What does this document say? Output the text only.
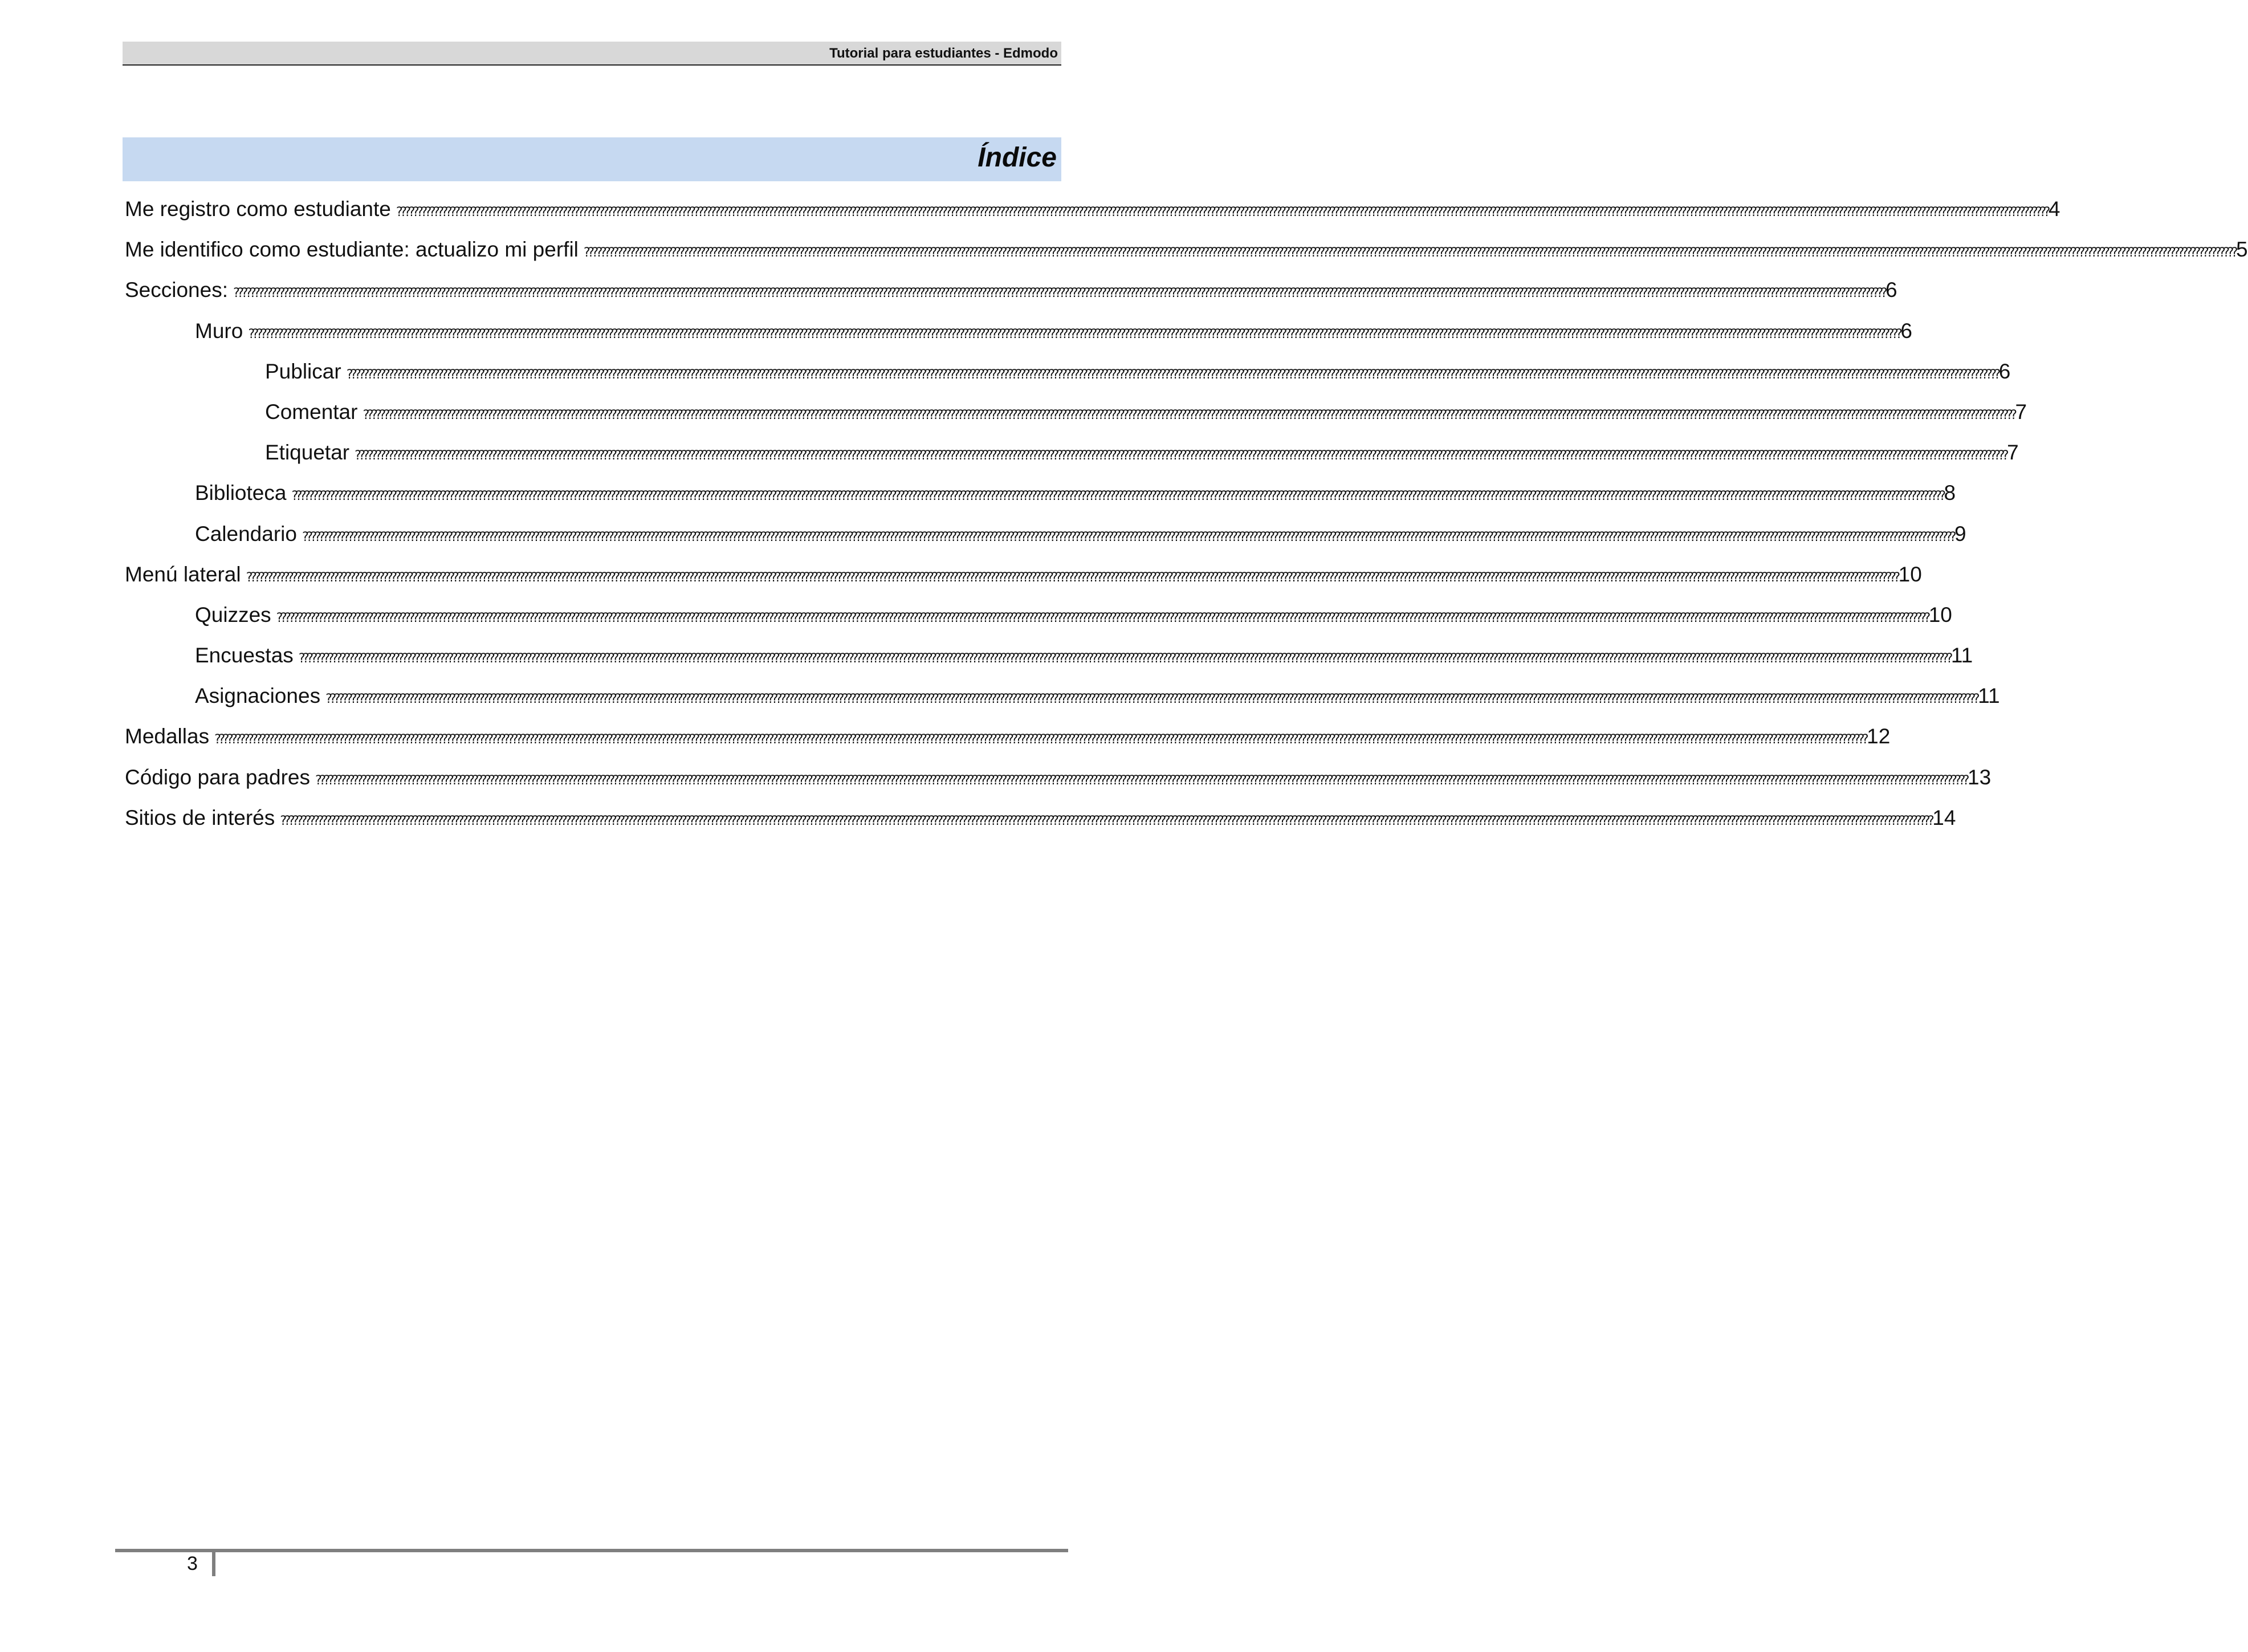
Tutorial para estudiantes - Edmodo
Índice
Me registro como estudiante ???????????????????????????????????????????????????????????????????????????????????????????????????????????????????????????????????????????????????????????????????????????????????????????????????????????????????????????????????????????????????????????????????????????????????????????????????????????????????????????????????????????????????????????????????????????????????????????????????????????????? 4
Me identifico como estudiante: actualizo mi perfil ???????????????????????????????????????????????????????????????????????????????????????????????????????????????????????????????????????????????????????????????????????????????????????????????????????????????????????????????????????????????????????????????????????????????????????????????????????????????????????????????????????????????????????????????????????????????????????????????????????????????? 5
Secciones: ???????????????????????????????????????????????????????????????????????????????????????????????????????????????????????????????????????????????????????????????????????????????????????????????????????????????????????????????????????????????????????????????????????????????????????????????????????????????????????????????????????????????????????????????????????????????????????????????????????????????? 6
Muro ???????????????????????????????????????????????????????????????????????????????????????????????????????????????????????????????????????????????????????????????????????????????????????????????????????????????????????????????????????????????????????????????????????????????????????????????????????????????????????????????????????????????????????????????????????????????????????????????????????????????? 6
Publicar ???????????????????????????????????????????????????????????????????????????????????????????????????????????????????????????????????????????????????????????????????????????????????????????????????????????????????????????????????????????????????????????????????????????????????????????????????????????????????????????????????????????????????????????????????????????????????????????????????????????????? 6
Comentar ???????????????????????????????????????????????????????????????????????????????????????????????????????????????????????????????????????????????????????????????????????????????????????????????????????????????????????????????????????????????????????????????????????????????????????????????????????????????????????????????????????????????????????????????????????????????????????????????????????????????? 7
Etiquetar ???????????????????????????????????????????????????????????????????????????????????????????????????????????????????????????????????????????????????????????????????????????????????????????????????????????????????????????????????????????????????????????????????????????????????????????????????????????????????????????????????????????????????????????????????????????????????????????????????????????????? 7
Biblioteca ???????????????????????????????????????????????????????????????????????????????????????????????????????????????????????????????????????????????????????????????????????????????????????????????????????????????????????????????????????????????????????????????????????????????????????????????????????????????????????????????????????????????????????????????????????????????????????????????????????????????? 8
Calendario ???????????????????????????????????????????????????????????????????????????????????????????????????????????????????????????????????????????????????????????????????????????????????????????????????????????????????????????????????????????????????????????????????????????????????????????????????????????????????????????????????????????????????????????????????????????????????????????????????????????????? 9
Menú lateral ???????????????????????????????????????????????????????????????????????????????????????????????????????????????????????????????????????????????????????????????????????????????????????????????????????????????????????????????????????????????????????????????????????????????????????????????????????????????????????????????????????????????????????????????????????????????????????????????????????????????? 10
Quizzes ???????????????????????????????????????????????????????????????????????????????????????????????????????????????????????????????????????????????????????????????????????????????????????????????????????????????????????????????????????????????????????????????????????????????????????????????????????????????????????????????????????????????????????????????????????????????????????????????????????????????? 10
Encuestas ???????????????????????????????????????????????????????????????????????????????????????????????????????????????????????????????????????????????????????????????????????????????????????????????????????????????????????????????????????????????????????????????????????????????????????????????????????????????????????????????????????????????????????????????????????????????????????????????????????????????? 11
Asignaciones ???????????????????????????????????????????????????????????????????????????????????????????????????????????????????????????????????????????????????????????????????????????????????????????????????????????????????????????????????????????????????????????????????????????????????????????????????????????????????????????????????????????????????????????????????????????????????????????????????????????????? 11
Medallas ???????????????????????????????????????????????????????????????????????????????????????????????????????????????????????????????????????????????????????????????????????????????????????????????????????????????????????????????????????????????????????????????????????????????????????????????????????????????????????????????????????????????????????????????????????????????????????????????????????????????? 12
Código para padres ???????????????????????????????????????????????????????????????????????????????????????????????????????????????????????????????????????????????????????????????????????????????????????????????????????????????????????????????????????????????????????????????????????????????????????????????????????????????????????????????????????????????????????????????????????????????????????????????????????????????? 13
Sitios de interés ???????????????????????????????????????????????????????????????????????????????????????????????????????????????????????????????????????????????????????????????????????????????????????????????????????????????????????????????????????????????????????????????????????????????????????????????????????????????????????????????????????????????????????????????????????????????????????????????????????????????? 14
3
